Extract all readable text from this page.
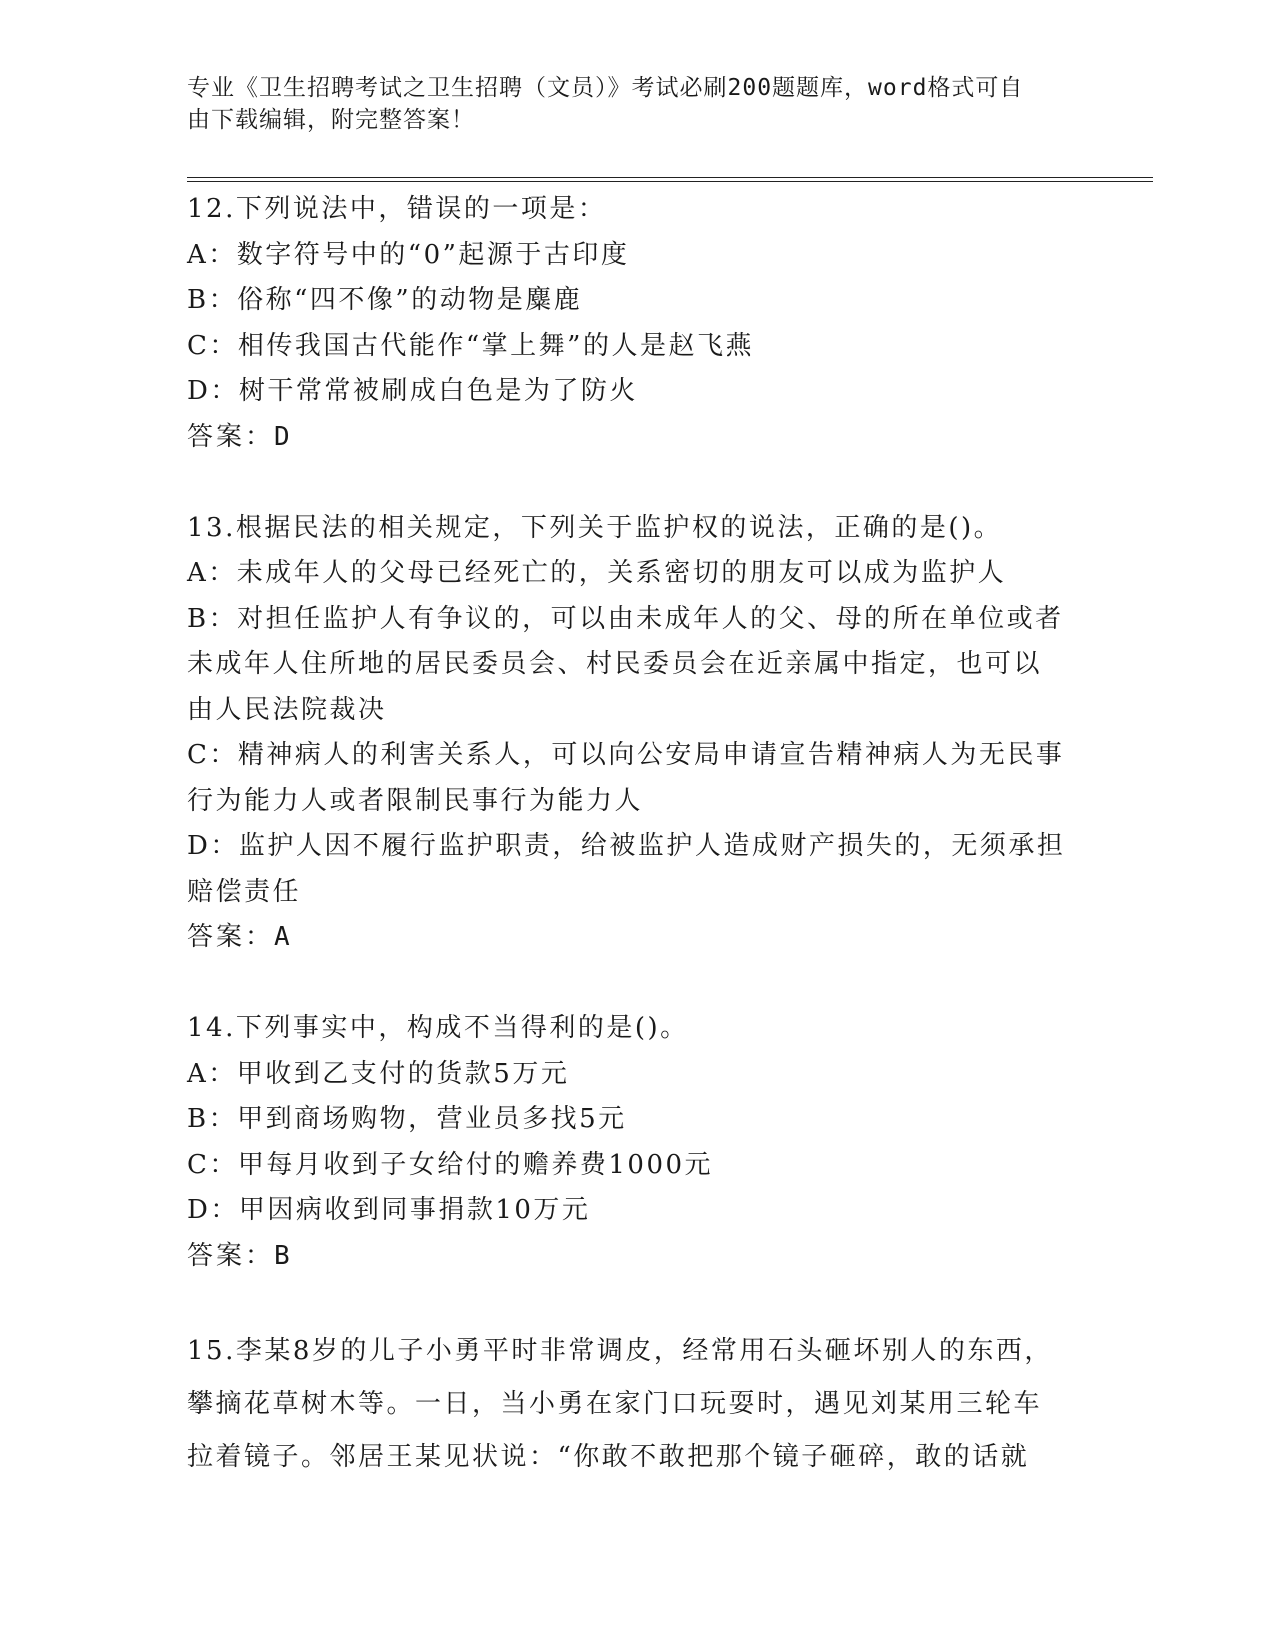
专业《卫生招聘考试之卫生招聘（文员）》考试必刷200题题库，word格式可自
由下载编辑，附完整答案！
12.下列说法中，错误的一项是：
A：数字符号中的“0”起源于古印度
B：俗称“四不像”的动物是麋鹿
C：相传我国古代能作“掌上舞”的人是赵飞燕
D：树干常常被刷成白色是为了防火
答案：D
13.根据民法的相关规定，下列关于监护权的说法，正确的是()。
A：未成年人的父母已经死亡的，关系密切的朋友可以成为监护人
B：对担任监护人有争议的，可以由未成年人的父、母的所在单位或者
未成年人住所地的居民委员会、村民委员会在近亲属中指定，也可以
由人民法院裁决
C：精神病人的利害关系人，可以向公安局申请宣告精神病人为无民事
行为能力人或者限制民事行为能力人
D：监护人因不履行监护职责，给被监护人造成财产损失的，无须承担
赔偿责任
答案：A
14.下列事实中，构成不当得利的是()。
A：甲收到乙支付的货款5万元
B：甲到商场购物，营业员多找5元
C：甲每月收到子女给付的赡养费1000元
D：甲因病收到同事捐款10万元
答案：B
15.李某8岁的儿子小勇平时非常调皮，经常用石头砸坏别人的东西，
攀摘花草树木等。一日，当小勇在家门口玩耍时，遇见刘某用三轮车
拉着镜子。邻居王某见状说：“你敢不敢把那个镜子砸碎，敢的话就
